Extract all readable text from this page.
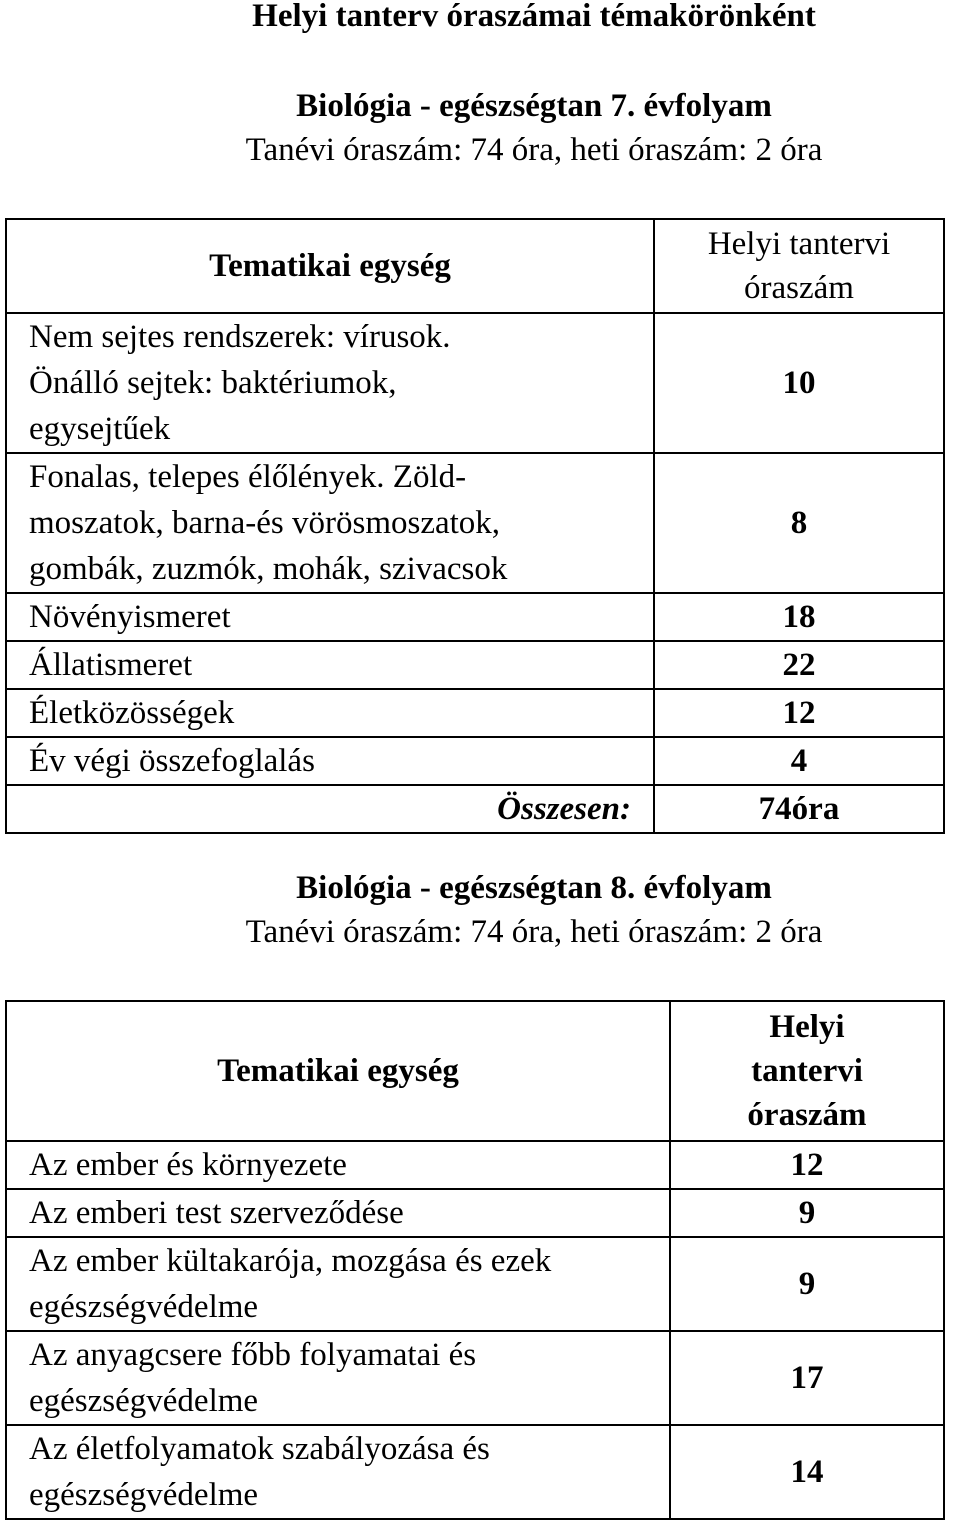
Helyi tanterv óraszámai témakörönként
Biológia - egészségtan 7. évfolyam
Tanévi óraszám: 74 óra, heti óraszám: 2 óra
Tematikai egység	Helyi tantervi
óraszám
Nem sejtes rendszerek: vírusok. Önálló sejtek: baktériumok, egysejtűek	10
Fonalas, telepes élőlények. Zöld-moszatok, barna-és vörösmoszatok, gombák, zuzmók, mohák, szivacsok	8
Növényismeret	18
Állatismeret	22
Életközösségek	12
Év végi összefoglalás	4
Összesen:	74óra
Biológia - egészségtan 8. évfolyam
Tanévi óraszám: 74 óra, heti óraszám: 2 óra
Tematikai egység	Helyi
tantervi
óraszám
Az ember és környezete	12
Az emberi test szerveződése	9
Az ember kültakarója, mozgása és ezek egészségvédelme	9
Az anyagcsere főbb folyamatai és egészségvédelme	17
Az életfolyamatok szabályozása és egészségvédelme	14
